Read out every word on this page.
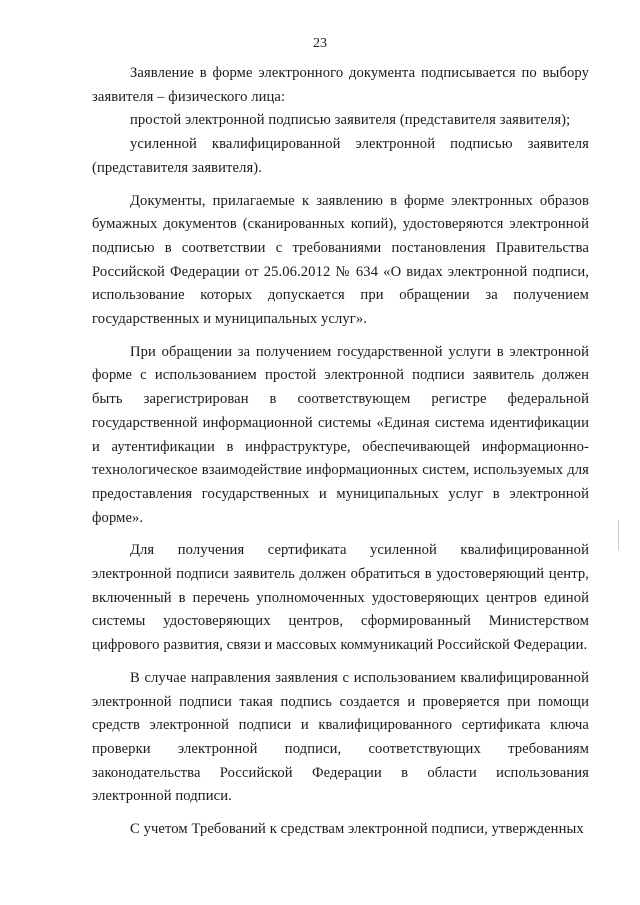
23

Заявление в форме электронного документа подписывается по выбору заявителя – физического лица:

простой электронной подписью заявителя (представителя заявителя);

усиленной квалифицированной электронной подписью заявителя (представителя заявителя).

Документы, прилагаемые к заявлению в форме электронных образов бумажных документов (сканированных копий), удостоверяются электронной подписью в соответствии с требованиями постановления Правительства Российской Федерации от 25.06.2012 № 634 «О видах электронной подписи, использование которых допускается при обращении за получением государственных и муниципальных услуг».

При обращении за получением государственной услуги в электронной форме с использованием простой электронной подписи заявитель должен быть зарегистрирован в соответствующем регистре федеральной государственной информационной системы «Единая система идентификации и аутентификации в инфраструктуре, обеспечивающей информационно-технологическое взаимодействие информационных систем, используемых для предоставления государственных и муниципальных услуг в электронной форме».

Для получения сертификата усиленной квалифицированной электронной подписи заявитель должен обратиться в удостоверяющий центр, включенный в перечень уполномоченных удостоверяющих центров единой системы удостоверяющих центров, сформированный Министерством цифрового развития, связи и массовых коммуникаций Российской Федерации.

В случае направления заявления с использованием квалифицированной электронной подписи такая подпись создается и проверяется при помощи средств электронной подписи и квалифицированного сертификата ключа проверки электронной подписи, соответствующих требованиям законодательства Российской Федерации в области использования электронной подписи.

С учетом Требований к средствам электронной подписи, утвержденных
